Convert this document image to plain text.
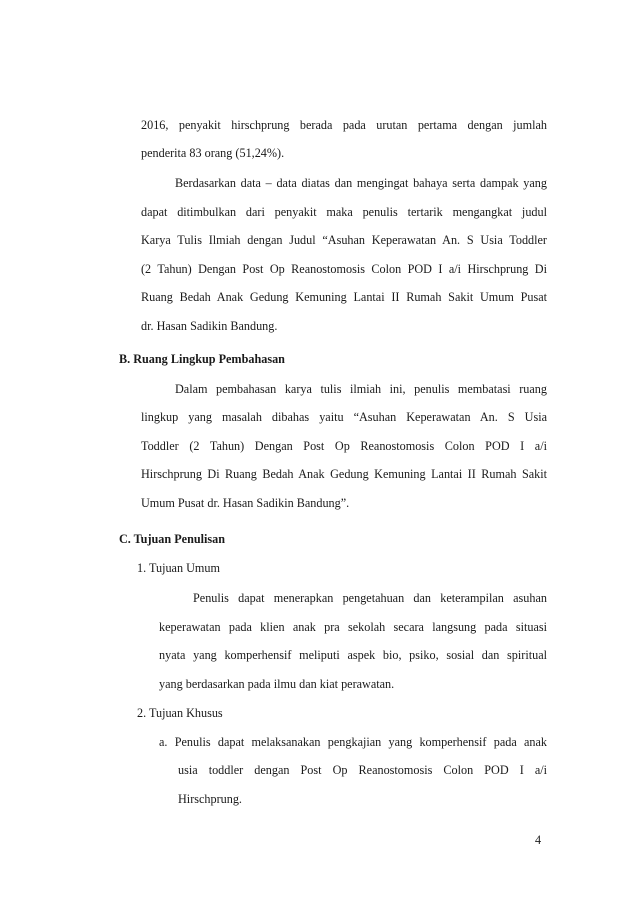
2016, penyakit hirschprung berada pada urutan pertama dengan jumlah
penderita 83 orang (51,24%).
Berdasarkan data – data diatas dan mengingat bahaya serta dampak yang
dapat ditimbulkan dari penyakit maka penulis tertarik mengangkat judul
Karya Tulis Ilmiah dengan Judul “Asuhan Keperawatan An. S Usia Toddler
(2 Tahun) Dengan Post Op Reanostomosis Colon POD I a/i Hirschprung Di
Ruang Bedah Anak Gedung Kemuning Lantai II Rumah Sakit Umum Pusat
dr. Hasan Sadikin Bandung.
B. Ruang Lingkup Pembahasan
Dalam pembahasan karya tulis ilmiah ini, penulis membatasi ruang
lingkup yang masalah dibahas yaitu “Asuhan Keperawatan An. S Usia
Toddler (2 Tahun) Dengan Post Op Reanostomosis Colon POD I a/i
Hirschprung Di Ruang Bedah Anak Gedung Kemuning Lantai II Rumah Sakit
Umum Pusat dr. Hasan Sadikin Bandung”.
C. Tujuan Penulisan
1. Tujuan Umum
Penulis dapat menerapkan pengetahuan dan keterampilan asuhan
keperawatan pada klien anak pra sekolah secara langsung pada situasi
nyata yang komperhensif meliputi aspek bio, psiko, sosial dan spiritual
yang berdasarkan pada ilmu dan kiat perawatan.
2. Tujuan Khusus
a. Penulis dapat melaksanakan pengkajian yang komperhensif pada anak
usia toddler dengan Post Op Reanostomosis Colon POD I a/i
Hirschprung.
4
